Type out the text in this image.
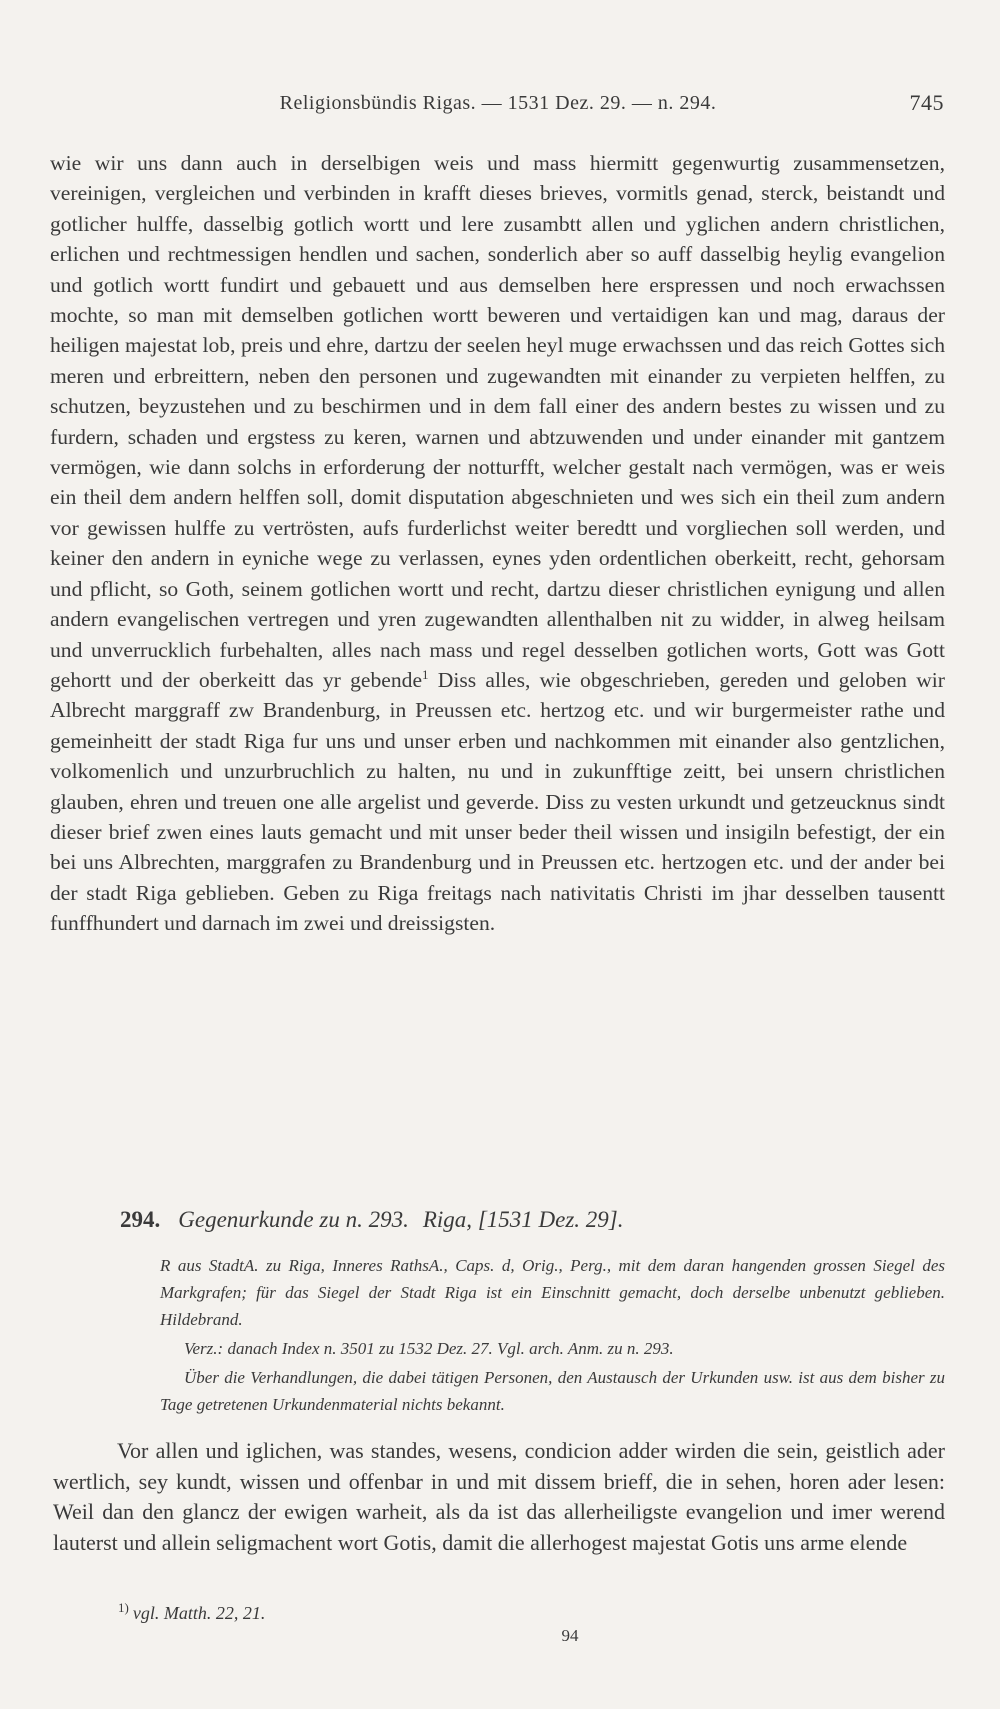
Religionsbündis Rigas. — 1531 Dez. 29. — n. 294.	745

wie wir uns dann auch in derselbigen weis und mass hiermitt gegenwurtig zusammensetzen, vereinigen, vergleichen und verbinden in krafft dieses brieves, vormitls genad, sterck, beistandt und gotlicher hulffe, dasselbig gotlich wortt und lere zusambtt allen und yglichen andern christlichen, erlichen und rechtmessigen hendlen und sachen, sonderlich aber so auff dasselbig heylig evangelion und gotlich wortt fundirt und gebauett und aus demselben here erspressen und noch erwachssen mochte, so man mit demselben gotlichen wortt beweren und vertaidigen kan und mag, daraus der heiligen majestat lob, preis und ehre, dartzu der seelen heyl muge erwachssen und das reich Gottes sich meren und erbreittern, neben den personen und zugewandten mit einander zu verpieten helffen, zu schutzen, beyzustehen und zu beschirmen und in dem fall einer des andern bestes zu wissen und zu furdern, schaden und ergstess zu keren, warnen und abtzuwenden und under einander mit gantzem vermögen, wie dann solchs in erforderung der notturfft, welcher gestalt nach vermögen, was er weis ein theil dem andern helffen soll, domit disputation abgeschnieten und wes sich ein theil zum andern vor gewissen hulffe zu vertrösten, aufs furderlichst weiter beredtt und vorgliechen soll werden, und keiner den andern in eyniche wege zu verlassen, eynes yden ordentlichen oberkeitt, recht, gehorsam und pflicht, so Goth, seinem gotlichen wortt und recht, dartzu dieser christlichen eynigung und allen andern evangelischen vertregen und yren zugewandten allenthalben nit zu widder, in alweg heilsam und unverrucklich furbehalten, alles nach mass und regel desselben gotlichen worts, Gott was Gott gehortt und der oberkeitt das yr gebende$^1$ Diss alles, wie obgeschrieben, gereden und geloben wir Albrecht marggraff zw Brandenburg, in Preussen etc. hertzog etc. und wir burgermeister rathe und gemeinheitt der stadt Riga fur uns und unser erben und nachkommen mit einander also gentzlichen, volkomenlich und unzurbruchlich zu halten, nu und in zukunfftige zeitt, bei unsern christlichen glauben, ehren und treuen one alle argelist und geverde. Diss zu vesten urkundt und getzeucknus sindt dieser brief zwen eines lauts gemacht und mit unser beder theil wissen und insigiln befestigt, der ein bei uns Albrechten, marggrafen zu Brandenburg und in Preussen etc. hertzogen etc. und der ander bei der stadt Riga geblieben. Geben zu Riga freitags nach nativitatis Christi im jhar desselben tausentt funffhundert und darnach im zwei und dreissigsten.

294. Gegenurkunde zu n. 293. Riga, [1531 Dez. 29].

R aus StadtA. zu Riga, Inneres RathsA., Caps. d, Orig., Perg., mit dem daran hangenden grossen Siegel des Markgrafen; für das Siegel der Stadt Riga ist ein Einschnitt gemacht, doch derselbe unbenutzt geblieben. Hildebrand.

Verz.: danach Index n. 3501 zu 1532 Dez. 27. Vgl. arch. Anm. zu n. 293.

Über die Verhandlungen, die dabei tätigen Personen, den Austausch der Urkunden usw. ist aus dem bisher zu Tage getretenen Urkundenmaterial nichts bekannt.

Vor allen und iglichen, was standes, wesens, condicion adder wirden die sein, geistlich ader wertlich, sey kundt, wissen und offenbar in und mit dissem brieff, die in sehen, horen ader lesen: Weil dan den glancz der ewigen warheit, als da ist das allerheiligste evangelion und imer werend lauterst und allein seligmachent wort Gotis, damit die allerhogest majestat Gotis uns arme elende

$^{1)}$ vgl. Matth. 22, 21.
94
